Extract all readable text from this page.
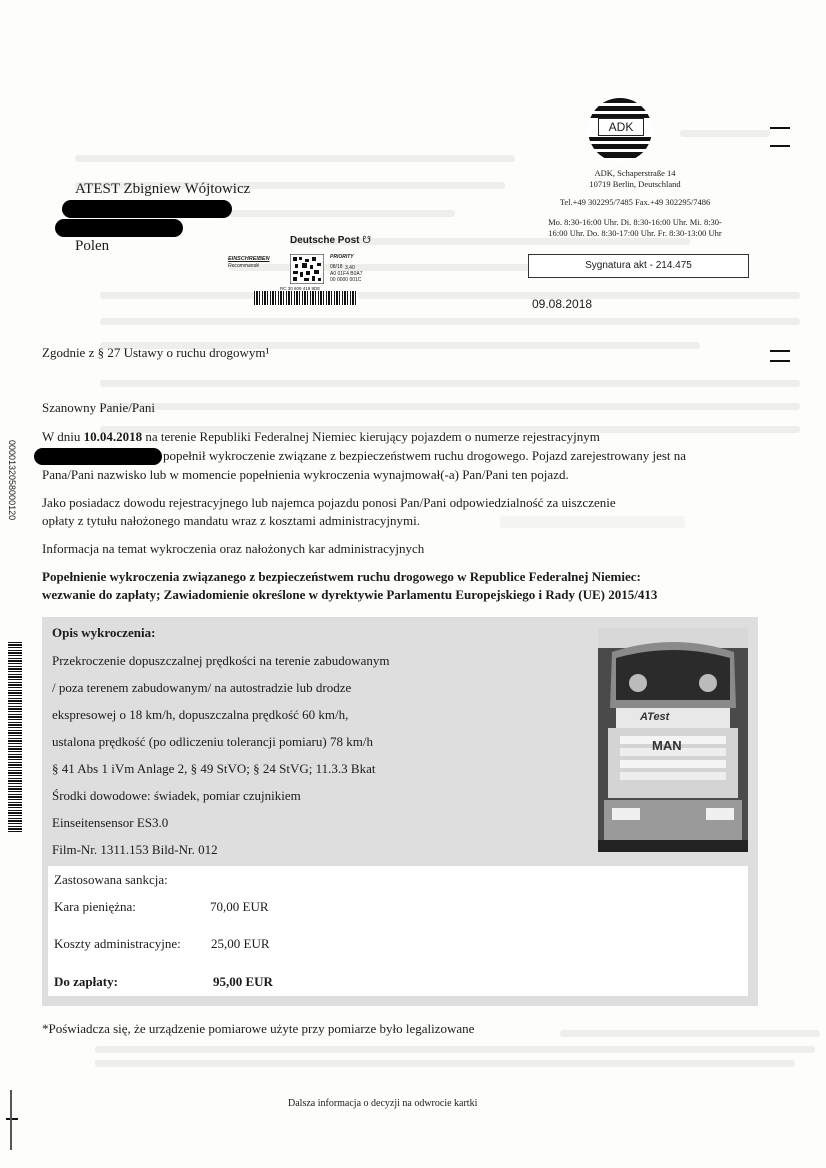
ADK
ADK, Schaperstraße 14
10719 Berlin, Deutschland
Tel.+49 302295/7485 Fax.+49 302295/7486
Mo. 8:30-16:00 Uhr. Di. 8:30-16:00 Uhr. Mi. 8:30-
16:00 Uhr. Do. 8:30-17:00 Uhr. Fr. 8:30-13:00 Uhr
ATEST Zbigniew Wójtowicz
Polen	Deutsche Post ☋
EINSCHREIBEN
Recommandé
PRIORITY
08/18 3,40
A0 01F4 B0A7
00 0000 001C
RC 30 609 419 9DE
Sygnatura akt - 214.475
09.08.2018
0000132058000120
Zgodnie z § 27 Ustawy o ruchu drogowym¹
Szanowny Panie/Pani
W dniu 10.04.2018 na terenie Republiki Federalnej Niemiec kierujący pojazdem o numerze rejestracyjnym
popełnił wykroczenie związane z bezpieczeństwem ruchu drogowego. Pojazd zarejestrowany jest na
Pana/Pani nazwisko lub w momencie popełnienia wykroczenia wynajmował(-a) Pan/Pani ten pojazd.
Jako posiadacz dowodu rejestracyjnego lub najemca pojazdu ponosi Pan/Pani odpowiedzialność za uiszczenie
opłaty z tytułu nałożonego mandatu wraz z kosztami administracyjnymi.
Informacja na temat wykroczenia oraz nałożonych kar administracyjnych
Popełnienie wykroczenia związanego z bezpieczeństwem ruchu drogowego w Republice Federalnej Niemiec:
wezwanie do zapłaty; Zawiadomienie określone w dyrektywie Parlamentu Europejskiego i Rady (UE) 2015/413
Opis wykroczenia:
Przekroczenie dopuszczalnej prędkości na terenie zabudowanym
/ poza terenem zabudowanym/ na autostradzie lub drodze
ekspresowej o 18 km/h, dopuszczalna prędkość 60 km/h,
ustalona prędkość (po odliczeniu tolerancji pomiaru) 78 km/h
§ 41 Abs 1 iVm Anlage 2, § 49 StVO; § 24 StVG; 11.3.3 Bkat
Środki dowodowe: świadek, pomiar czujnikiem
Einseitensensor ES3.0
Film-Nr. 1311.153 Bild-Nr. 012
ATest
MAN
Zastosowana sankcja:
Kara pieniężna:	70,00 EUR
Koszty administracyjne: 25,00 EUR
Do zapłaty:	95,00 EUR
*Poświadcza się, że urządzenie pomiarowe użyte przy pomiarze było legalizowane
Dalsza informacja o decyzji na odwrocie kartki
